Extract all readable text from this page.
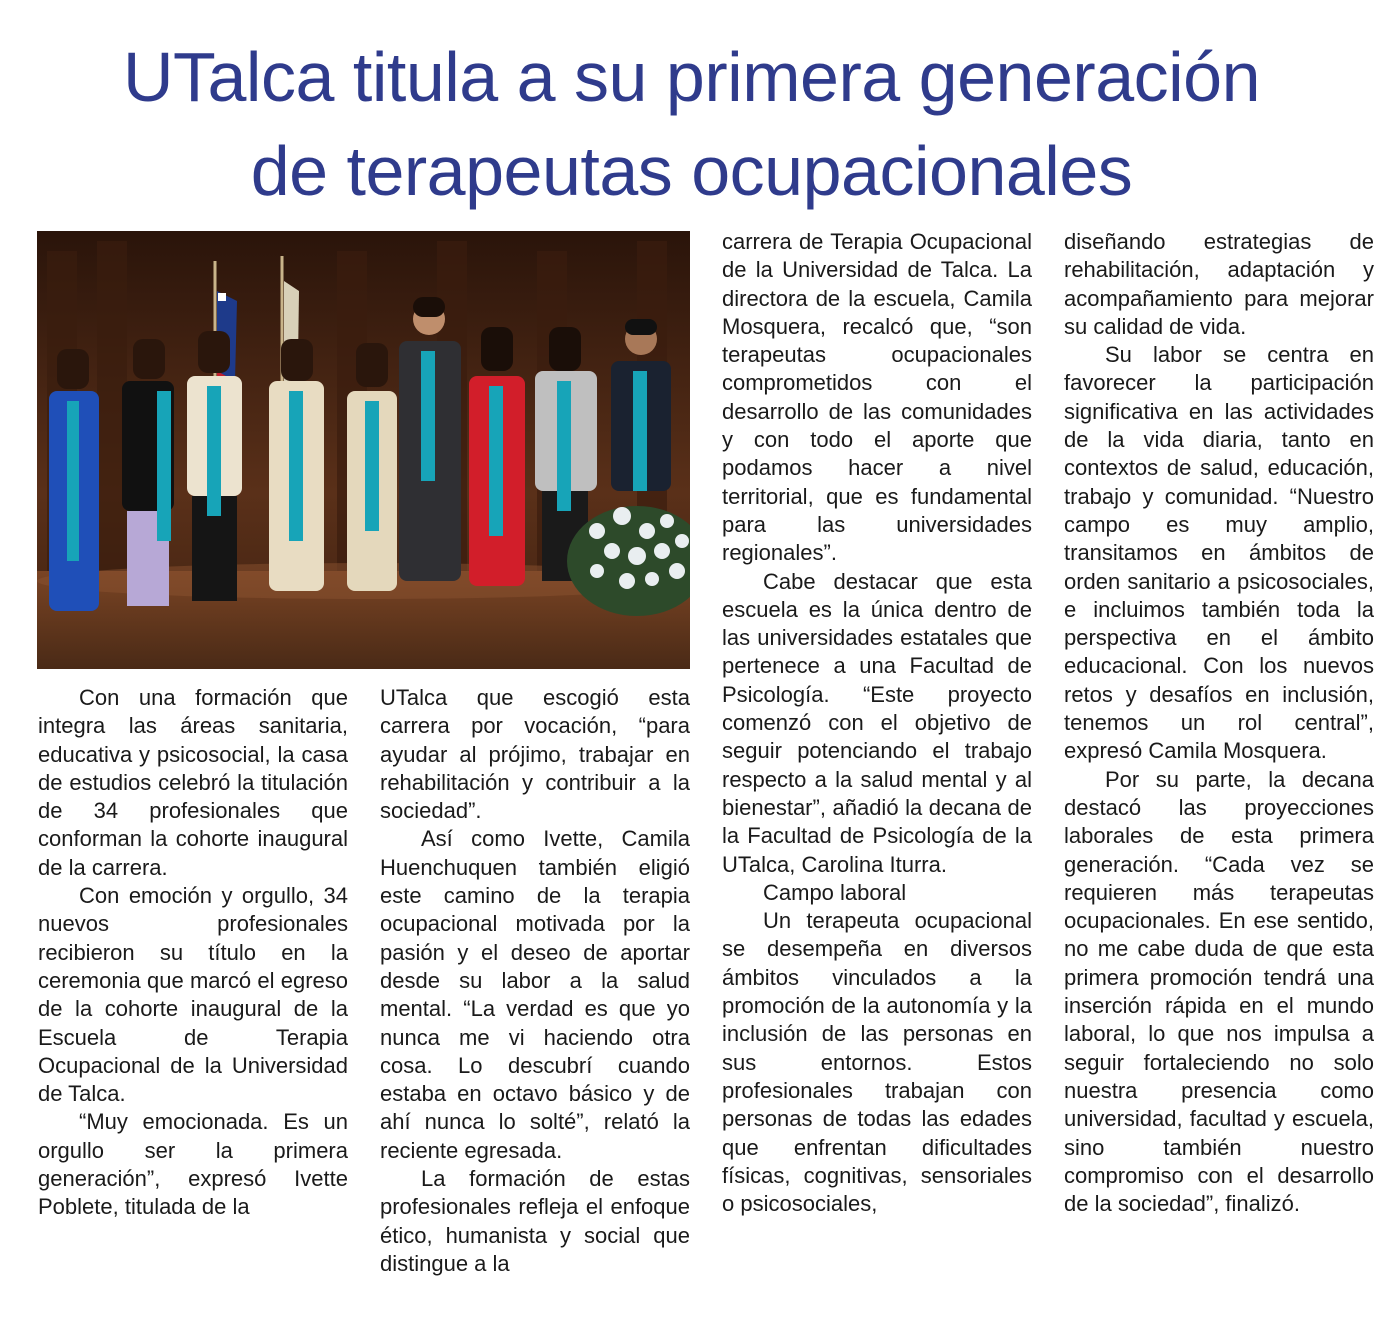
UTalca titula a su primera generación
de terapeutas ocupacionales

Con una formación que integra las áreas sanitaria, educativa y psicosocial, la casa de estudios celebró la titulación de 34 profesionales que conforman la cohorte inaugural de la carrera.

Con emoción y orgullo, 34 nuevos profesionales recibieron su título en la ceremonia que marcó el egreso de la cohorte inaugural de la Escuela de Terapia Ocupacional de la Universidad de Talca.

“Muy emocionada. Es un orgullo ser la primera generación”, expresó Ivette Poblete, titulada de la

UTalca que escogió esta carrera por vocación, “para ayudar al prójimo, trabajar en rehabilitación y contribuir a la sociedad”.

Así como Ivette, Camila Huenchuquen también eligió este camino de la terapia ocupacional motivada por la pasión y el deseo de aportar desde su labor a la salud mental. “La verdad es que yo nunca me vi haciendo otra cosa. Lo descubrí cuando estaba en octavo básico y de ahí nunca lo solté”, relató la reciente egresada.

La formación de estas profesionales refleja el enfoque ético, humanista y social que distingue a la

carrera de Terapia Ocupacional de la Universidad de Talca. La directora de la escuela, Camila Mosquera, recalcó que, “son terapeutas ocupacionales comprometidos con el desarrollo de las comunidades y con todo el aporte que podamos hacer a nivel territorial, que es fundamental para las universidades regionales”.

Cabe destacar que esta escuela es la única dentro de las universidades estatales que pertenece a una Facultad de Psicología. “Este proyecto comenzó con el objetivo de seguir potenciando el trabajo respecto a la salud mental y al bienestar”, añadió la decana de la Facultad de Psicología de la UTalca, Carolina Iturra.

Campo laboral

Un terapeuta ocupacional se desempeña en diversos ámbitos vinculados a la promoción de la autonomía y la inclusión de las personas en sus entornos. Estos profesionales trabajan con personas de todas las edades que enfrentan dificultades físicas, cognitivas, sensoriales o psicosociales,

diseñando estrategias de rehabilitación, adaptación y acompañamiento para mejorar su calidad de vida.

Su labor se centra en favorecer la participación significativa en las actividades de la vida diaria, tanto en contextos de salud, educación, trabajo y comunidad. “Nuestro campo es muy amplio, transitamos en ámbitos de orden sanitario a psicosociales, e incluimos también toda la perspectiva en el ámbito educacional. Con los nuevos retos y desafíos en inclusión, tenemos un rol central”, expresó Camila Mosquera.

Por su parte, la decana destacó las proyecciones laborales de esta primera generación. “Cada vez se requieren más terapeutas ocupacionales. En ese sentido, no me cabe duda de que esta primera promoción tendrá una inserción rápida en el mundo laboral, lo que nos impulsa a seguir fortaleciendo no solo nuestra presencia como universidad, facultad y escuela, sino también nuestro compromiso con el desarrollo de la sociedad”, finalizó.
